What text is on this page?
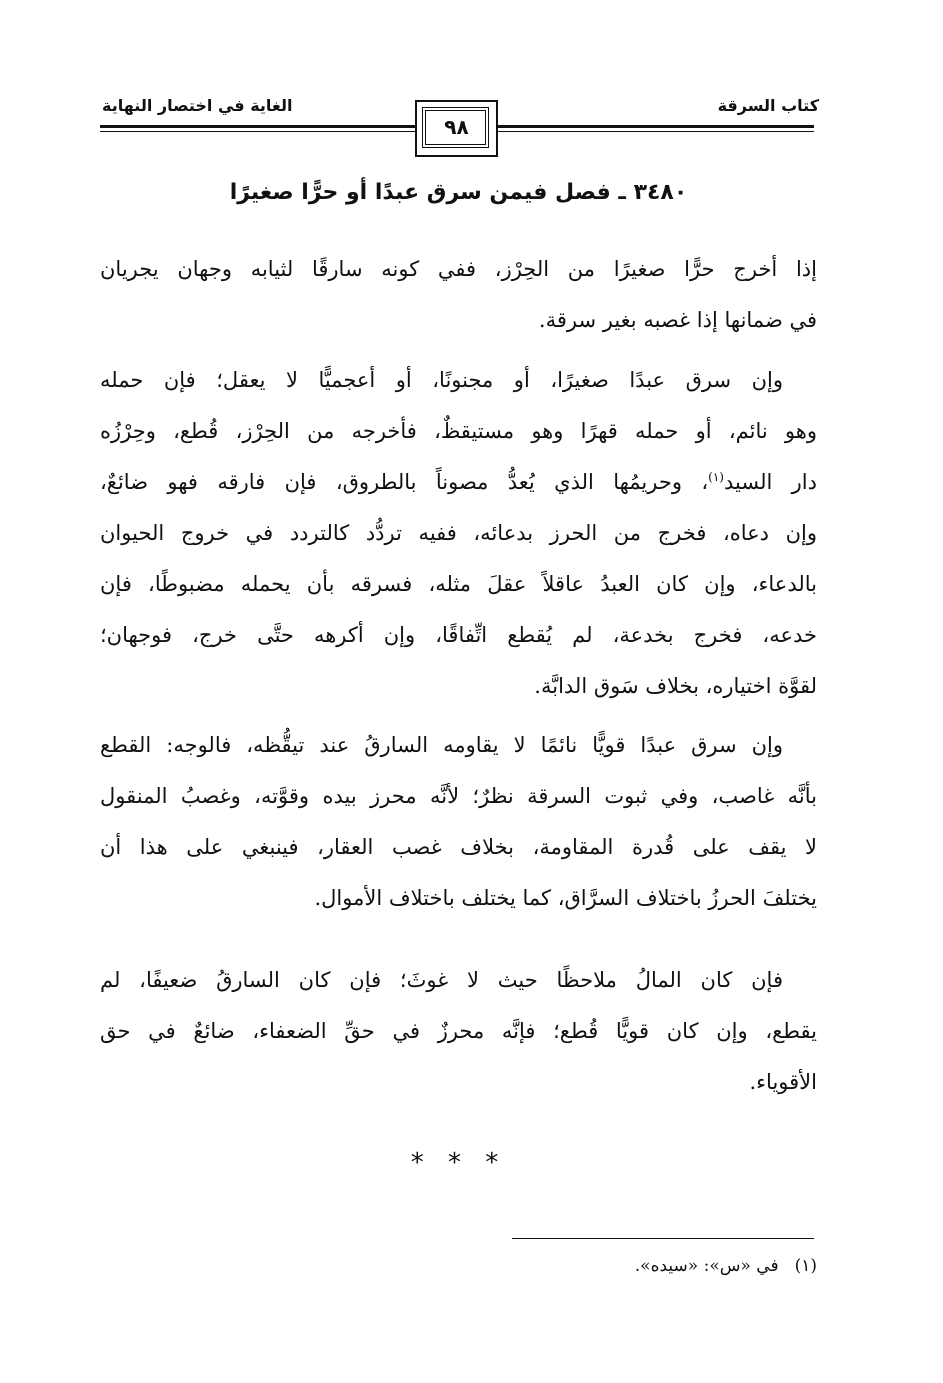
الغاية في اختصار النهاية	كتاب السرقة
٩٨
٣٤٨٠ ـ فصل فيمن سرق عبدًا أو حرًّا صغيرًا
إذا أخرج حرًّا صغيرًا من الحِرْز، ففي كونه سارقًا لثيابه وجهان يجريان
في ضمانها إذا غصبه بغير سرقة.
وإن سرق عبدًا صغيرًا، أو مجنونًا، أو أعجميًّا لا يعقل؛ فإن حمله
وهو نائم، أو حمله قهرًا وهو مستيقظٌ، فأخرجه من الحِرْز، قُطع، وحِرْزُه
دار السيد$^{(١)}$، وحريمُها الذي يُعدُّ مصوناً بالطروق، فإن فارقه فهو ضائعٌ،
وإن دعاه، فخرج من الحرز بدعائه، ففيه تردُّد كالتردد في خروج الحيوان
بالدعاء، وإن كان العبدُ عاقلاً عقلَ مثله، فسرقه بأن يحمله مضبوطًا، فإن
خدعه، فخرج بخدعة، لم يُقطع اتِّفاقًا، وإن أكرهه حتَّى خرج، فوجهان؛
لقوَّة اختياره، بخلاف سَوق الدابَّة.
وإن سرق عبدًا قويًّا نائمًا لا يقاومه السارقُ عند تيقُّظه، فالوجه: القطع
بأنَّه غاصب، وفي ثبوت السرقة نظرٌ؛ لأنَّه محرز بيده وقوَّته، وغصبُ المنقول
لا يقف على قُدرة المقاومة، بخلاف غصب العقار، فينبغي على هذا أن
يختلفَ الحرزُ باختلاف السرَّاق، كما يختلف باختلاف الأموال.
فإن كان المالُ ملاحظًا حيث لا غوثَ؛ فإن كان السارقُ ضعيفًا، لم
يقطع، وإن كان قويًّا قُطع؛ فإنَّه محرزٌ في حقِّ الضعفاء، ضائعٌ في حق
الأقوياء.
* * *
(١)في «س»: «سيده».
